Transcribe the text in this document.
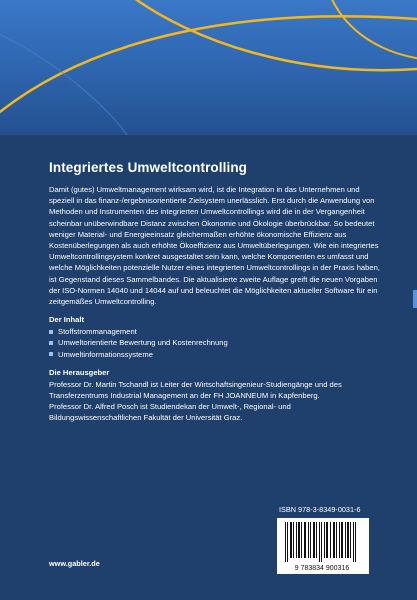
Integriertes Umweltcontrolling

Damit (gutes) Umweltmanagement wirksam wird, ist die Integration in das Unternehmen und speziell in das finanz-/ergebnisorientierte Zielsystem unerlässlich. Erst durch die Anwendung von Methoden und Instrumenten des integrierten Umweltcontrollings wird die in der Vergangenheit scheinbar unüberwindbare Distanz zwischen Ökonomie und Ökologie überbrückbar. So bedeutet weniger Material- und Energieeinsatz gleichermaßen erhöhte ökonomische Effizienz aus Kostenüberlegungen als auch erhöhte Ökoeffizienz aus Umweltüberlegungen. Wie ein integriertes Umweltcontrollingsystem konkret ausgestaltet sein kann, welche Komponenten es umfasst und welche Möglichkeiten potenzielle Nutzer eines integrierten Umweltcontrollings in der Praxis haben, ist Gegenstand dieses Sammelbandes. Die aktualisierte zweite Auflage greift die neuen Vorgaben der ISO-Normen 14040 und 14044 auf und beleuchtet die Möglichkeiten aktueller Software für ein zeitgemäßes Umweltcontrolling.

Der Inhalt
Stoffstrommanagement
Umweltorientierte Bewertung und Kostenrechnung
Umweltinformationssysteme
Die Herausgeber

Professor Dr. Martin Tschandl ist Leiter der Wirtschaftsingenieur-Studiengänge und des Transferzentrums Industrial Management an der FH JOANNEUM in Kapfenberg.

Professor Dr. Alfred Posch ist Studiendekan der Umwelt-, Regional- und Bildungswissenschaftlichen Fakultät der Universität Graz.

ISBN 978-3-8349-0031-6
9 783834 900316
www.gabler.de
